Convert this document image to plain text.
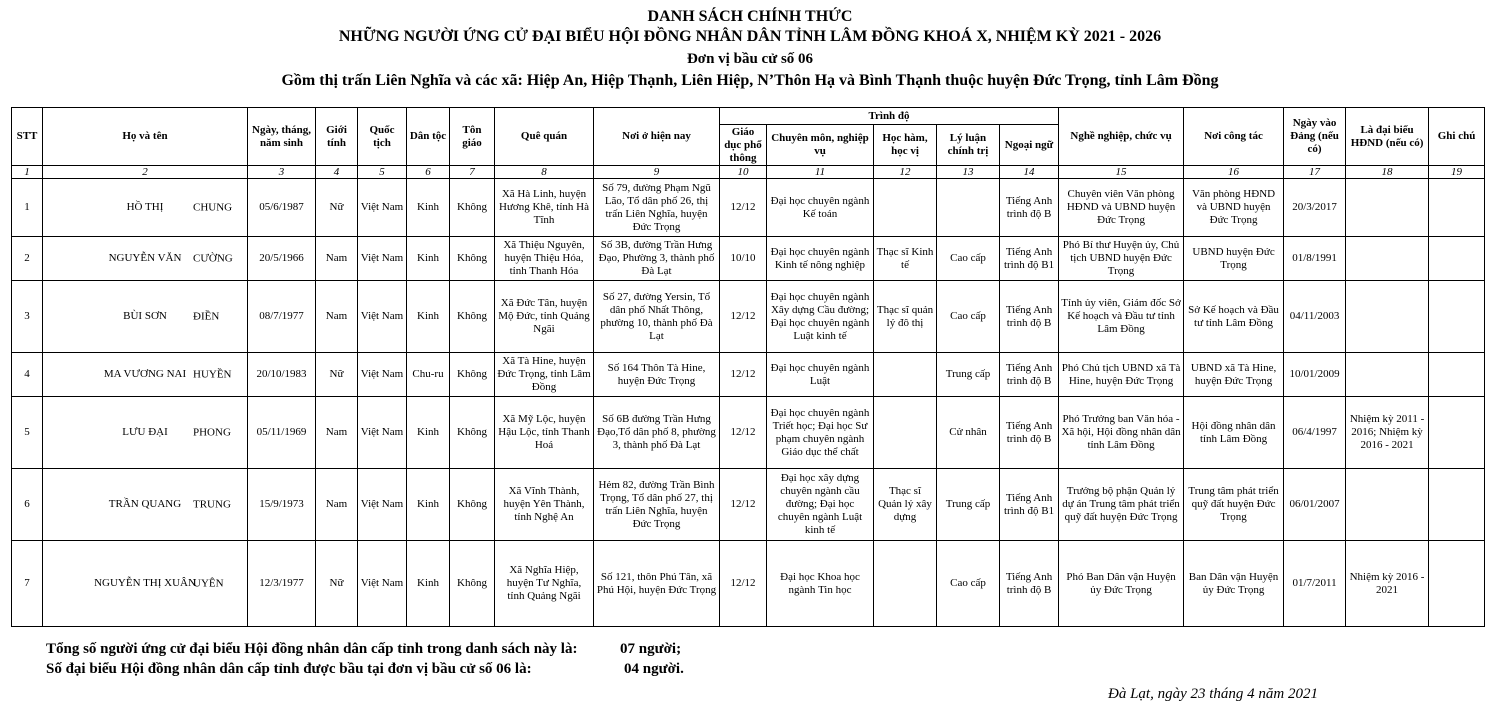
DANH SÁCH CHÍNH THỨC
NHỮNG NGƯỜI ỨNG CỬ ĐẠI BIỂU HỘI ĐỒNG NHÂN DÂN TỈNH LÂM ĐỒNG KHOÁ X, NHIỆM KỲ 2021 - 2026
Đơn vị bầu cử số 06
Gồm thị trấn Liên Nghĩa và các xã: Hiệp An, Hiệp Thạnh, Liên Hiệp, N’Thôn Hạ và Bình Thạnh thuộc huyện Đức Trọng, tỉnh Lâm Đồng
STT	Họ và tên	Ngày, tháng, năm sinh	Giới tính	Quốc tịch	Dân tộc	Tôn giáo	Quê quán	Nơi ở hiện nay	Trình độ					Nghề nghiệp, chức vụ	Nơi công tác	Ngày vào Đảng (nếu có)	Là đại biểu HĐND (nếu có)	Ghi chú
									Giáo dục phổ thông	Chuyên môn, nghiệp vụ	Học hàm, học vị	Lý luận chính trị	Ngoại ngữ					
1	2	3	4	5	6	7	8	9	10	11	12	13	14	15	16	17	18	19
1	HỒ THỊ CHUNG	05/6/1987	Nữ	Việt Nam	Kinh	Không	Xã Hà Linh, huyện Hương Khê, tỉnh Hà Tĩnh	Số 79, đường Phạm Ngũ Lão, Tổ dân phố 26, thị trấn Liên Nghĩa, huyện Đức Trọng	12/12	Đại học chuyên ngành Kế toán			Tiếng Anh trình độ B	Chuyên viên Văn phòng HĐND và UBND huyện Đức Trọng	Văn phòng HĐND và UBND huyện Đức Trọng	20/3/2017		
2	NGUYỄN VĂN CƯỜNG	20/5/1966	Nam	Việt Nam	Kinh	Không	Xã Thiệu Nguyên, huyện Thiệu Hóa, tỉnh Thanh Hóa	Số 3B, đường Trần Hưng Đạo, Phường 3, thành phố Đà Lạt	10/10	Đại học chuyên ngành Kinh tế nông nghiệp	Thạc sĩ Kinh tế	Cao cấp	Tiếng Anh trình độ B1	Phó Bí thư Huyện ủy, Chủ tịch UBND huyện Đức Trọng	UBND huyện Đức Trọng	01/8/1991		
3	BÙI SƠN ĐIỀN	08/7/1977	Nam	Việt Nam	Kinh	Không	Xã Đức Tân, huyện Mộ Đức, tỉnh Quảng Ngãi	Số 27, đường Yersin, Tổ dân phố Nhất Thông, phường 10, thành phố Đà Lạt	12/12	Đại học chuyên ngành Xây dựng Cầu đường; Đại học chuyên ngành Luật kinh tế	Thạc sĩ quản lý đô thị	Cao cấp	Tiếng Anh trình độ B	Tỉnh ủy viên, Giám đốc Sở Kế hoạch và Đầu tư tỉnh Lâm Đồng	Sở Kế hoạch và Đầu tư tỉnh Lâm Đồng	04/11/2003		
4	MA VƯƠNG NAI HUYỀN	20/10/1983	Nữ	Việt Nam	Chu-ru	Không	Xã Tà Hine, huyện Đức Trọng, tỉnh Lâm Đồng	Số 164 Thôn Tà Hine, huyện Đức Trọng	12/12	Đại học chuyên ngành Luật		Trung cấp	Tiếng Anh trình độ B	Phó Chủ tịch UBND xã Tà Hine, huyện Đức Trọng	UBND xã Tà Hine, huyện Đức Trọng	10/01/2009		
5	LƯU ĐẠI PHONG	05/11/1969	Nam	Việt Nam	Kinh	Không	Xã Mỹ Lộc, huyện Hậu Lộc, tỉnh Thanh Hoá	Số 6B đường Trần Hưng Đạo,Tổ dân phố 8, phường 3, thành phố Đà Lạt	12/12	Đại học chuyên ngành Triết học; Đại học Sư phạm chuyên ngành Giáo dục thể chất		Cử nhân	Tiếng Anh trình độ B	Phó Trưởng ban Văn hóa - Xã hội, Hội đồng nhân dân tỉnh Lâm Đồng	Hội đồng nhân dân tỉnh Lâm Đồng	06/4/1997	Nhiệm kỳ 2011 - 2016; Nhiệm kỳ 2016 - 2021	
6	TRẦN QUANG TRUNG	15/9/1973	Nam	Việt Nam	Kinh	Không	Xã Vĩnh Thành, huyện Yên Thành, tỉnh Nghệ An	Hẻm 82, đường Trần Bình Trọng, Tổ dân phố 27, thị trấn Liên Nghĩa, huyện Đức Trọng	12/12	Đại học xây dựng chuyên ngành cầu đường; Đại học chuyên ngành Luật kinh tế	Thạc sĩ Quản lý xây dựng	Trung cấp	Tiếng Anh trình độ B1	Trưởng bộ phận Quản lý dự án Trung tâm phát triển quỹ đất huyện Đức Trọng	Trung tâm phát triển quỹ đất huyện Đức Trọng	06/01/2007		
7	NGUYỄN THỊ XUÂN
UYÊN	12/3/1977	Nữ	Việt Nam	Kinh	Không	Xã Nghĩa Hiệp, huyện Tư Nghĩa, tỉnh Quảng Ngãi	Số 121, thôn Phú Tân, xã Phú Hội, huyện Đức Trọng	12/12	Đại học Khoa học ngành Tin học		Cao cấp	Tiếng Anh trình độ B	Phó Ban Dân vận Huyện ủy Đức Trọng	Ban Dân vận Huyện ủy Đức Trọng	01/7/2011	Nhiệm kỳ 2016 - 2021	
Tổng số người ứng cử đại biểu Hội đồng nhân dân cấp tỉnh trong danh sách này là:	07 người;
Số đại biểu Hội đồng nhân dân cấp tỉnh được bầu tại đơn vị bầu cử số 06 là:	04 người.
Đà Lạt, ngày 23 tháng 4 năm 2021
